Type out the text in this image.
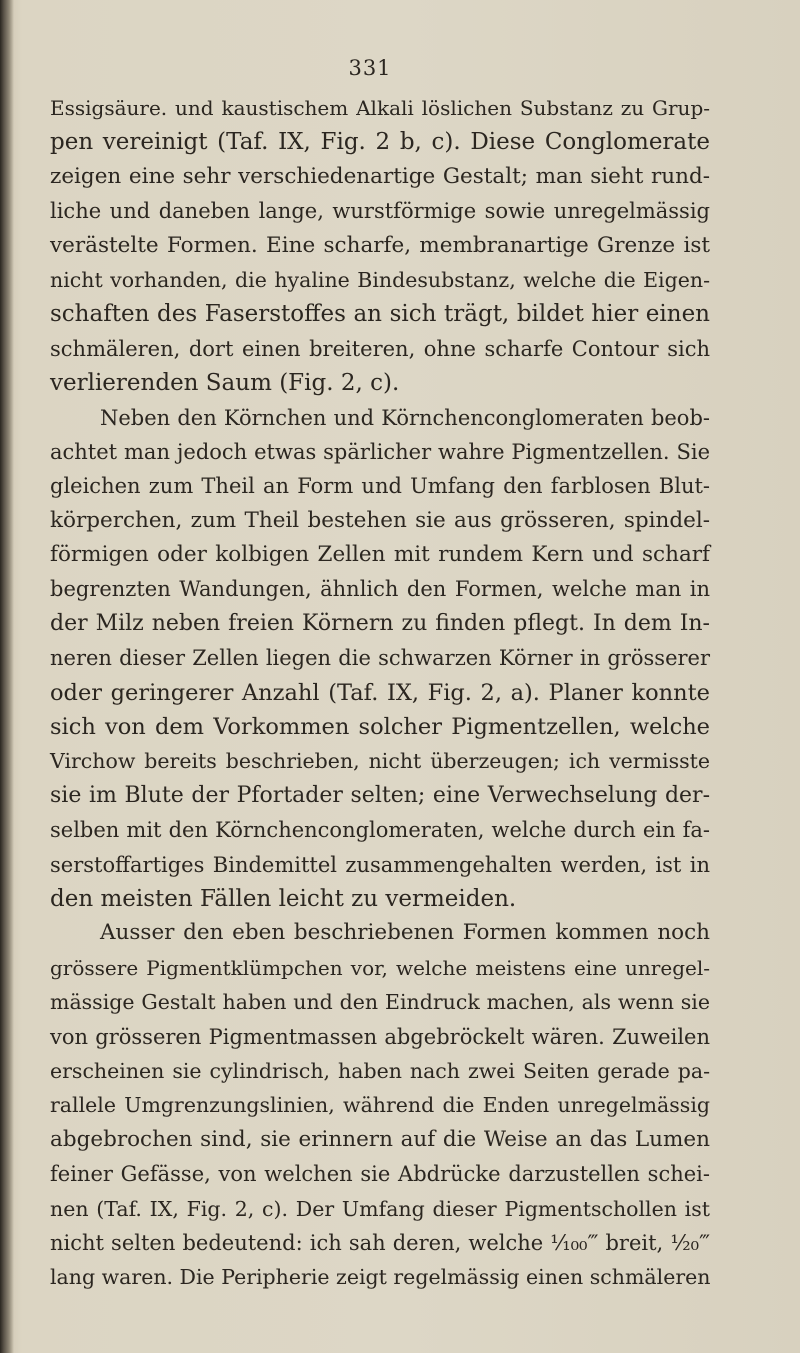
331
Essigsäure. und kaustischem Alkali löslichen Substanz zu Grup-
pen vereinigt (Taf. IX, Fig. 2 b, c). Diese Conglomerate
zeigen eine sehr verschiedenartige Gestalt; man sieht rund-
liche und daneben lange, wurstförmige sowie unregelmässig
verästelte Formen. Eine scharfe, membranartige Grenze ist
nicht vorhanden, die hyaline Bindesubstanz, welche die Eigen-
schaften des Faserstoffes an sich trägt, bildet hier einen
schmäleren, dort einen breiteren, ohne scharfe Contour sich
verlierenden Saum (Fig. 2, c).
Neben den Körnchen und Körnchenconglomeraten beob-
achtet man jedoch etwas spärlicher wahre Pigmentzellen. Sie
gleichen zum Theil an Form und Umfang den farblosen Blut-
körperchen, zum Theil bestehen sie aus grösseren, spindel-
förmigen oder kolbigen Zellen mit rundem Kern und scharf
begrenzten Wandungen, ähnlich den Formen, welche man in
der Milz neben freien Körnern zu finden pflegt. In dem In-
neren dieser Zellen liegen die schwarzen Körner in grösserer
oder geringerer Anzahl (Taf. IX, Fig. 2, a). Planer konnte
sich von dem Vorkommen solcher Pigmentzellen, welche
Virchow bereits beschrieben, nicht überzeugen; ich vermisste
sie im Blute der Pfortader selten; eine Verwechselung der-
selben mit den Körnchenconglomeraten, welche durch ein fa-
serstoffartiges Bindemittel zusammengehalten werden, ist in
den meisten Fällen leicht zu vermeiden.
Ausser den eben beschriebenen Formen kommen noch
grössere Pigmentklümpchen vor, welche meistens eine unregel-
mässige Gestalt haben und den Eindruck machen, als wenn sie
von grösseren Pigmentmassen abgebröckelt wären. Zuweilen
erscheinen sie cylindrisch, haben nach zwei Seiten gerade pa-
rallele Umgrenzungslinien, während die Enden unregelmässig
abgebrochen sind, sie erinnern auf die Weise an das Lumen
feiner Gefässe, von welchen sie Abdrücke darzustellen schei-
nen (Taf. IX, Fig. 2, c). Der Umfang dieser Pigmentschollen ist
nicht selten bedeutend: ich sah deren, welche ¹⁄₁₀₀‴ breit, ¹⁄₂₀‴
lang waren. Die Peripherie zeigt regelmässig einen schmäleren
